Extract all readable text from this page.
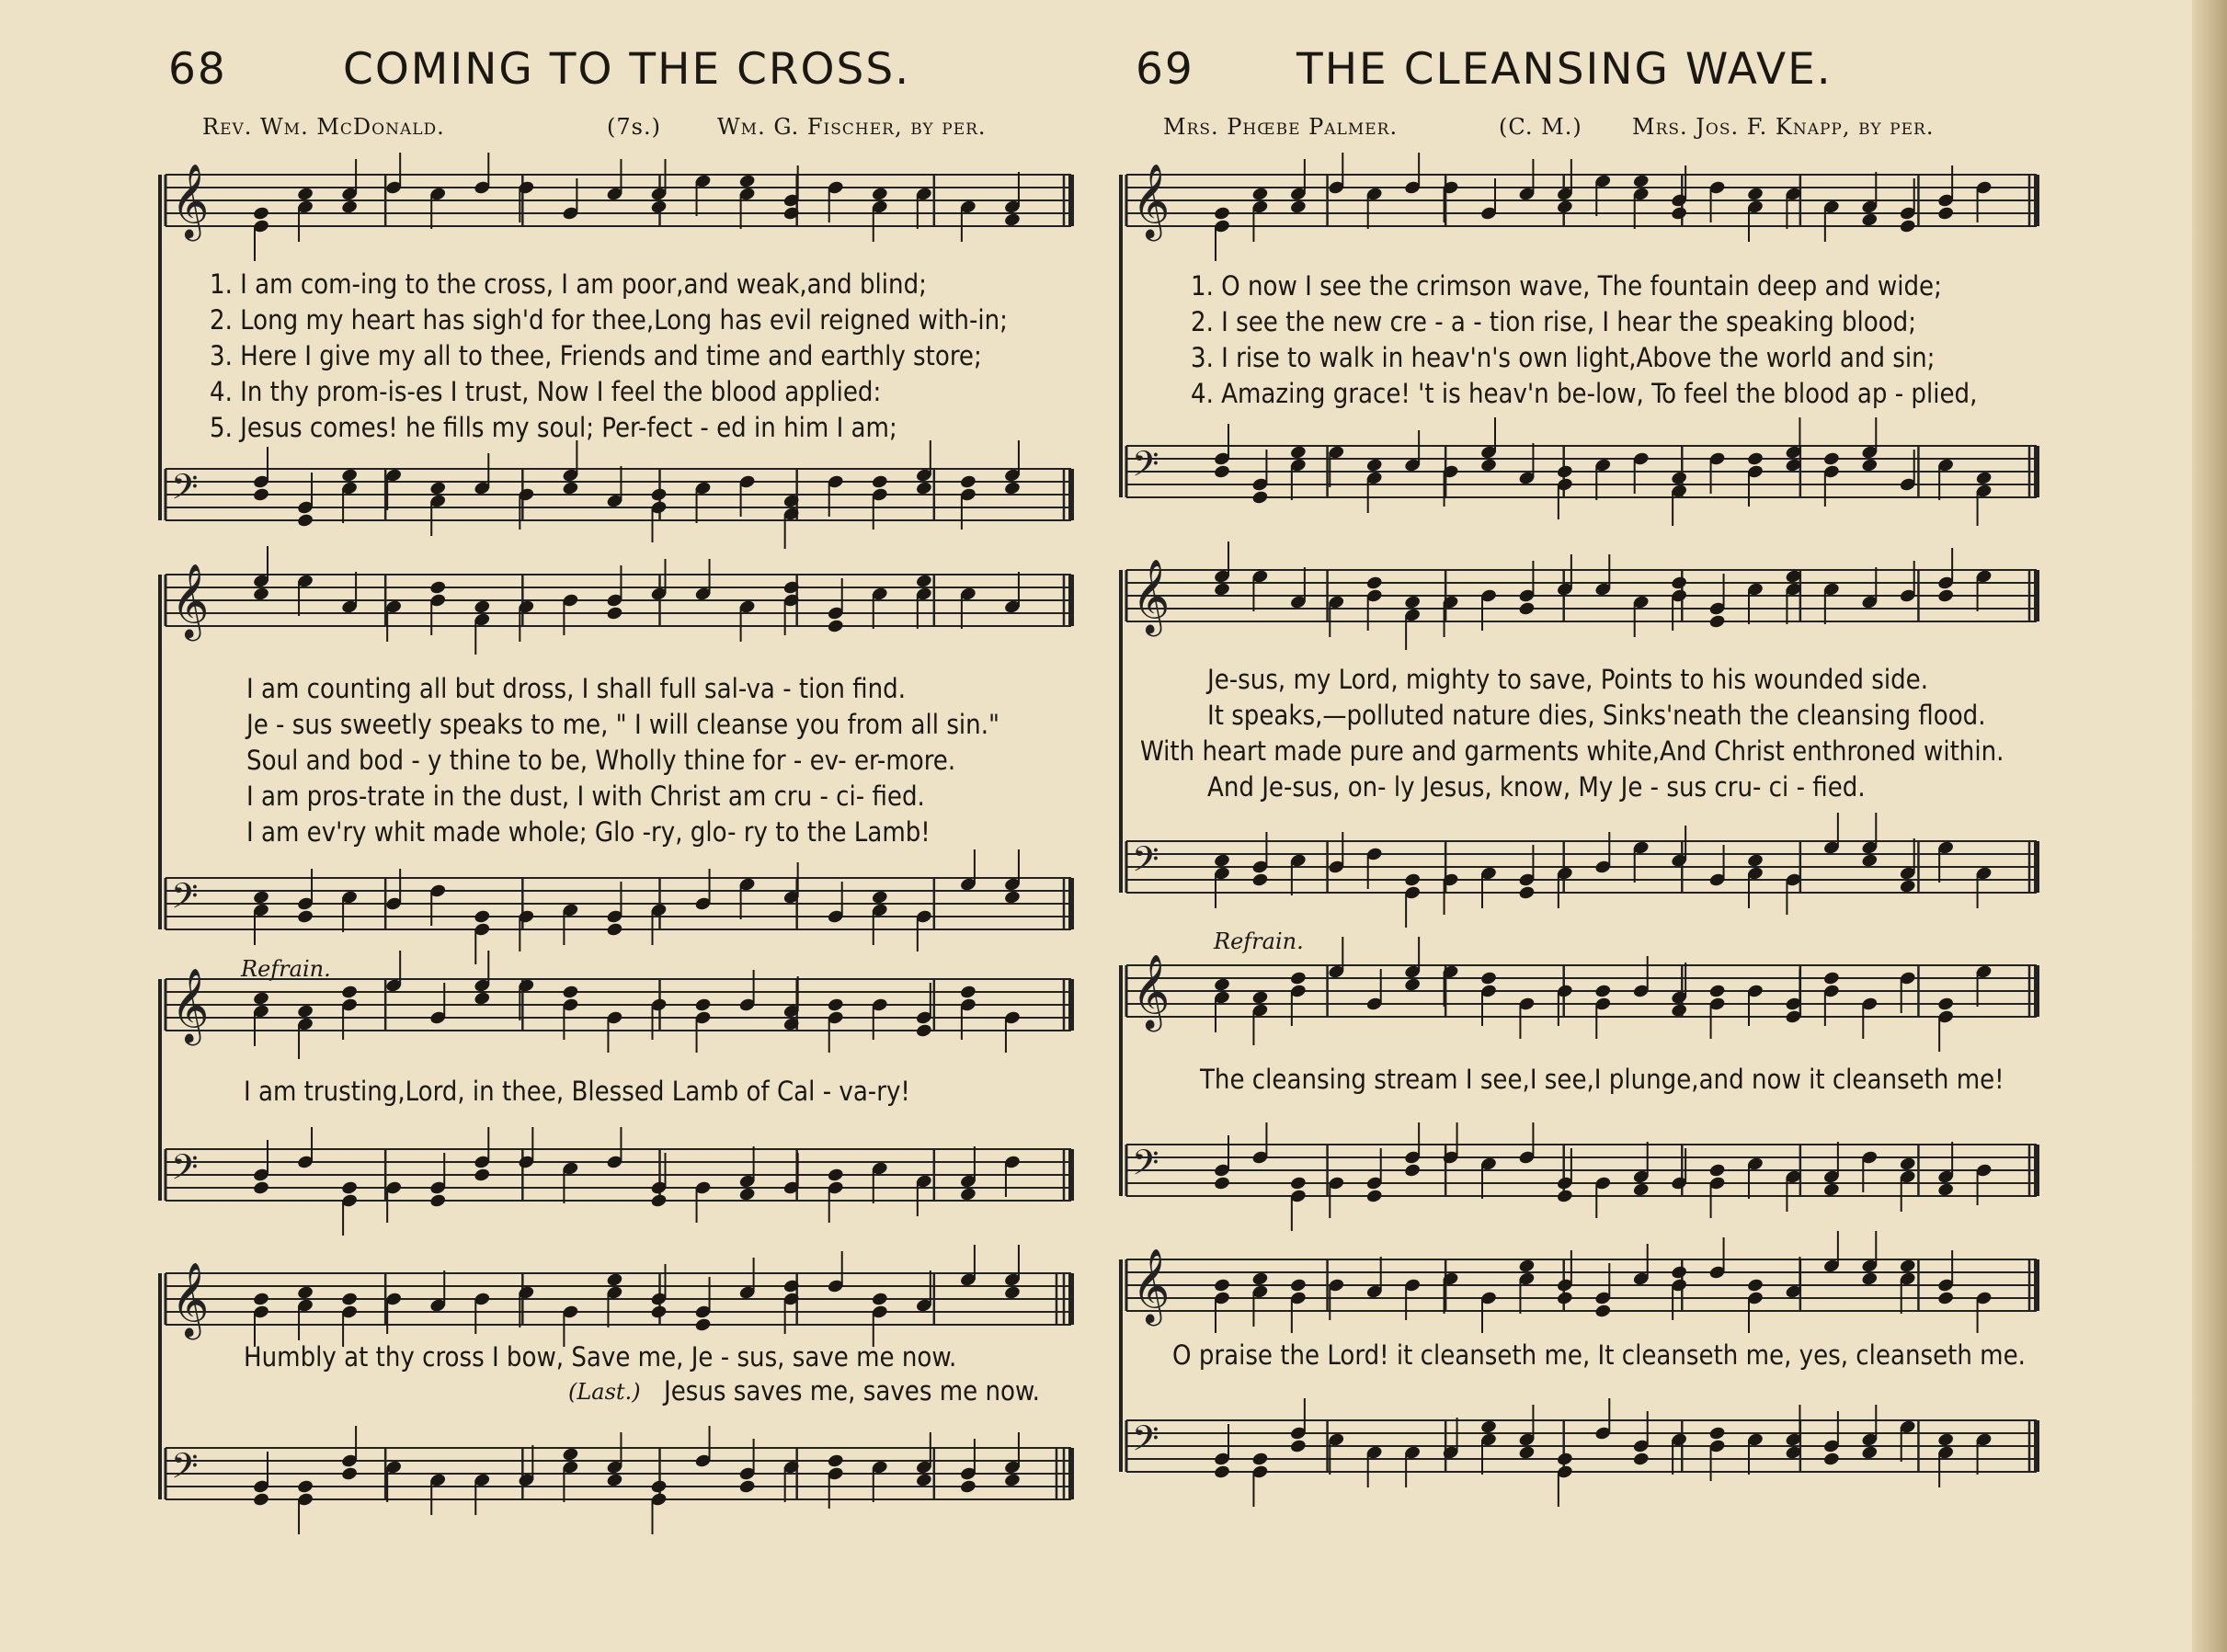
68	COMING TO THE CROSS.
Rev. Wm. McDonald.	(7s.)	Wm. G. Fischer, by per.
𝄞
𝄢
1. I am com-ing to the cross, I am poor,and weak,and blind;
2. Long my heart has sigh'd for thee,Long has evil reigned with-in;
3. Here I give my all to thee, Friends and time and earthly store;
4. In thy prom-is-es I trust, Now I feel the blood applied:
5. Jesus comes! he fills my soul; Per-fect - ed in him I am;
𝄞
𝄢
I am counting all but dross, I shall full sal-va - tion find.
Je - sus sweetly speaks to me, " I will cleanse you from all sin."
Soul and bod - y thine to be, Wholly thine for - ev- er-more.
I am pros-trate in the dust, I with Christ am cru - ci- fied.
I am ev'ry whit made whole; Glo -ry, glo- ry to the Lamb!
Refrain.
𝄞
𝄢
I am trusting,Lord, in thee, Blessed Lamb of Cal - va-ry!
𝄞
𝄢
Humbly at thy cross I bow, Save me, Je - sus, save me now.
(Last.) Jesus saves me, saves me now.
69 THE CLEANSING WAVE.
Mrs. Phœbe Palmer.	(C. M.) Mrs. Jos. F. Knapp, by per.
𝄞
𝄢
1. O now I see the crimson wave, The fountain deep and wide;
2. I see the new cre - a - tion rise, I hear the speaking blood;
3. I rise to walk in heav'n's own light,Above the world and sin;
4. Amazing grace! 't is heav'n be-low, To feel the blood ap - plied,
𝄞
𝄢
Je-sus, my Lord, mighty to save, Points to his wounded side.
It speaks,—polluted nature dies, Sinks'neath the cleansing flood.
With heart made pure and garments white,And Christ enthroned within.
And Je-sus, on- ly Jesus, know, My Je - sus cru- ci - fied.
Refrain.
𝄞
𝄢
The cleansing stream I see,I see,I plunge,and now it cleanseth me!
𝄞
𝄢
O praise the Lord! it cleanseth me, It cleanseth me, yes, cleanseth me.
